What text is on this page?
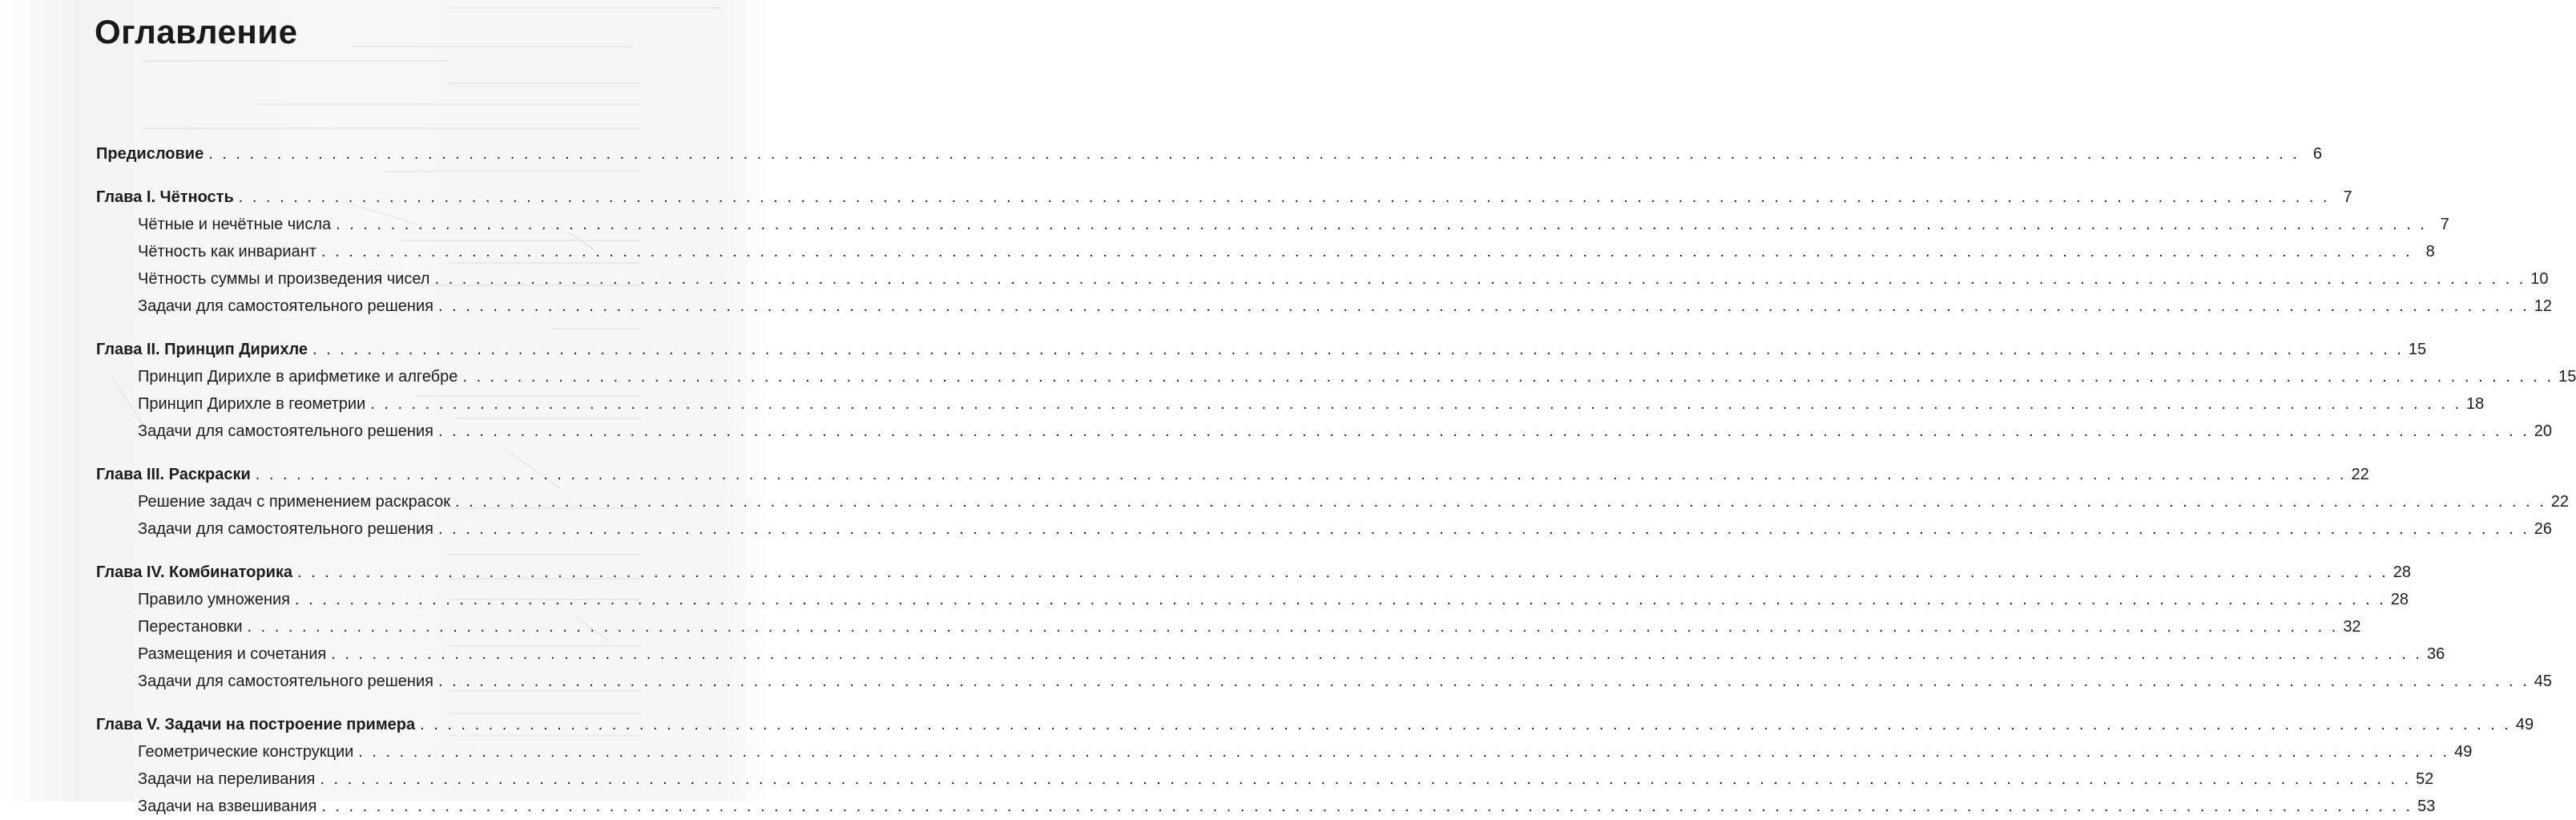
Оглавление
Предисловие . . .	6
Глава I. Чётность . . .	7
Чётные и нечётные числа . . .	7
Чётность как инвариант . . .	8
Чётность суммы и произведения чисел . . .	10
Задачи для самостоятельного решения . . .	12
Глава II. Принцип Дирихле . . .	15
Принцип Дирихле в арифметике и алгебре . . .	15
Принцип Дирихле в геометрии . . .	18
Задачи для самостоятельного решения . . .	20
Глава III. Раскраски . . .	22
Решение задач с применением раскрасок . . .	22
Задачи для самостоятельного решения . . .	26
Глава IV. Комбинаторика . . .	28
Правило умножения . . .	28
Перестановки . . .	32
Размещения и сочетания . . .	36
Задачи для самостоятельного решения . . .	45
Глава V. Задачи на построение примера . . .	49
Геометрические конструкции . . .	49
Задачи на переливания . . .	52
Задачи на взвешивания . . .	53
